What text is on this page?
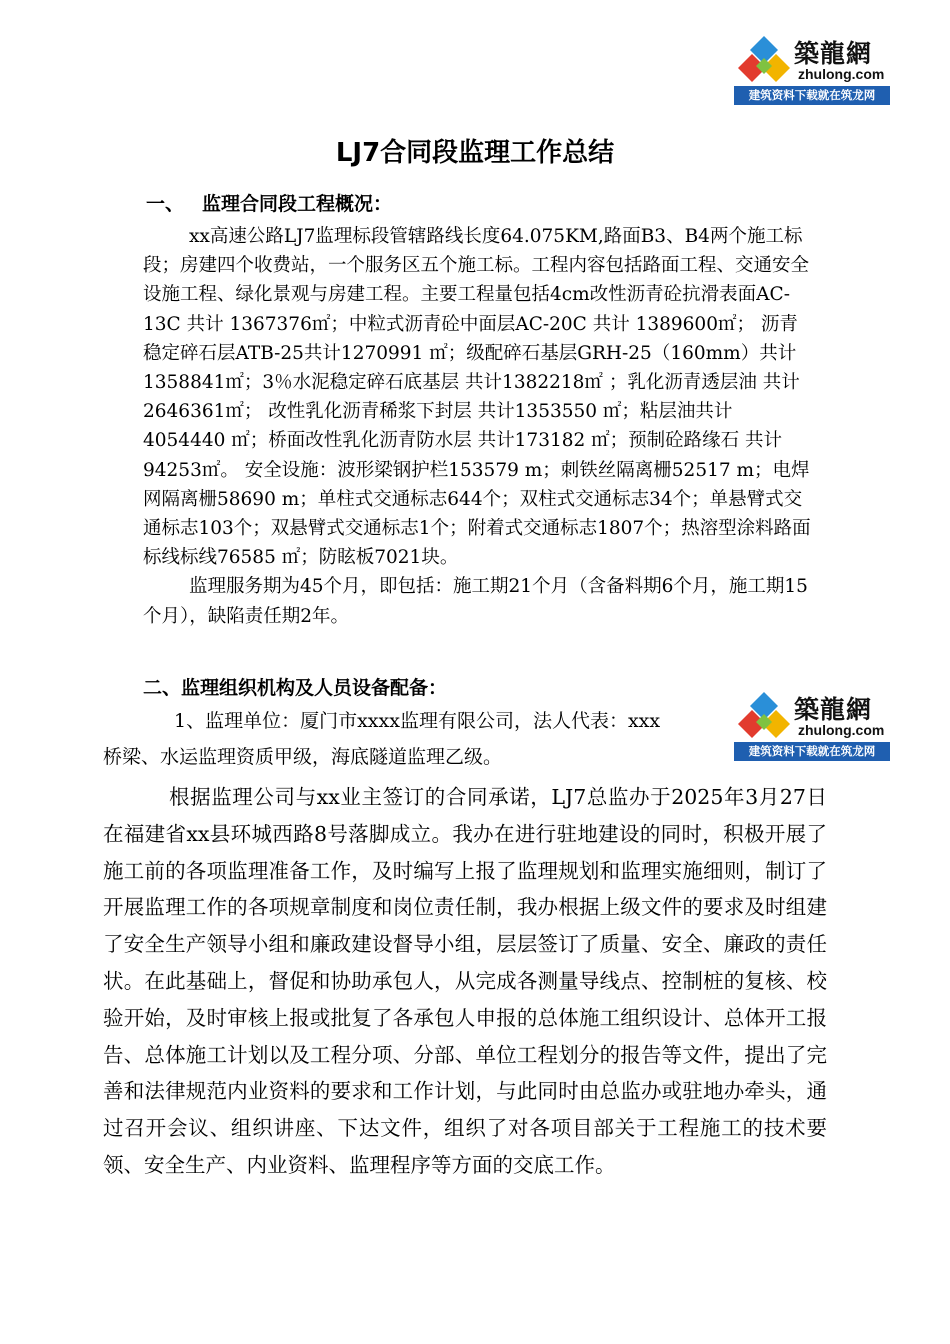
築龍網
zhulong.com
建筑资料下载就在筑龙网
LJ7合同段监理工作总结
一、 监理合同段工程概况：

xx高速公路LJ7监理标段管辖路线长度64.075KM,路面B3、B4两个施工标段；房建四个收费站，一个服务区五个施工标。工程内容包括路面工程、交通安全设施工程、绿化景观与房建工程。主要工程量包括4cm改性沥青砼抗滑表面AC-13C 共计 1367376㎡；中粒式沥青砼中面层AC-20C 共计 1389600㎡； 沥青稳定碎石层ATB-25共计1270991 ㎡；级配碎石基层GRH-25（160mm）共计1358841㎡；3％水泥稳定碎石底基层 共计1382218㎡ ；乳化沥青透层油 共计2646361㎡； 改性乳化沥青稀浆下封层 共计1353550 ㎡；粘层油共计4054440 ㎡；桥面改性乳化沥青防水层 共计173182 ㎡；预制砼路缘石 共计94253㎡。 安全设施：波形梁钢护栏153579 m；刺铁丝隔离栅52517 m；电焊网隔离栅58690 m；单柱式交通标志644个；双柱式交通标志34个；单悬臂式交通标志103个；双悬臂式交通标志1个；附着式交通标志1807个；热溶型涂料路面标线标线76585 ㎡；防眩板7021块。

监理服务期为45个月，即包括：施工期21个月（含备料期6个月，施工期15个月），缺陷责任期2年。

二、监理组织机构及人员设备配备：
1、监理单位：厦门市xxxx监理有限公司，法人代表：xxx	築龍網
zhulong.com
建筑资料下载就在筑龙网
桥梁、水运监理资质甲级，海底隧道监理乙级。

根据监理公司与xx业主签订的合同承诺，LJ7总监办于2025年3月27日在福建省xx县环城西路8号落脚成立。我办在进行驻地建设的同时，积极开展了施工前的各项监理准备工作，及时编写上报了监理规划和监理实施细则，制订了开展监理工作的各项规章制度和岗位责任制，我办根据上级文件的要求及时组建了安全生产领导小组和廉政建设督导小组，层层签订了质量、安全、廉政的责任状。在此基础上，督促和协助承包人，从完成各测量导线点、控制桩的复核、校验开始，及时审核上报或批复了各承包人申报的总体施工组织设计、总体开工报告、总体施工计划以及工程分项、分部、单位工程划分的报告等文件，提出了完善和法律规范内业资料的要求和工作计划，与此同时由总监办或驻地办牵头，通过召开会议、组织讲座、下达文件，组织了对各项目部关于工程施工的技术要领、安全生产、内业资料、监理程序等方面的交底工作。
